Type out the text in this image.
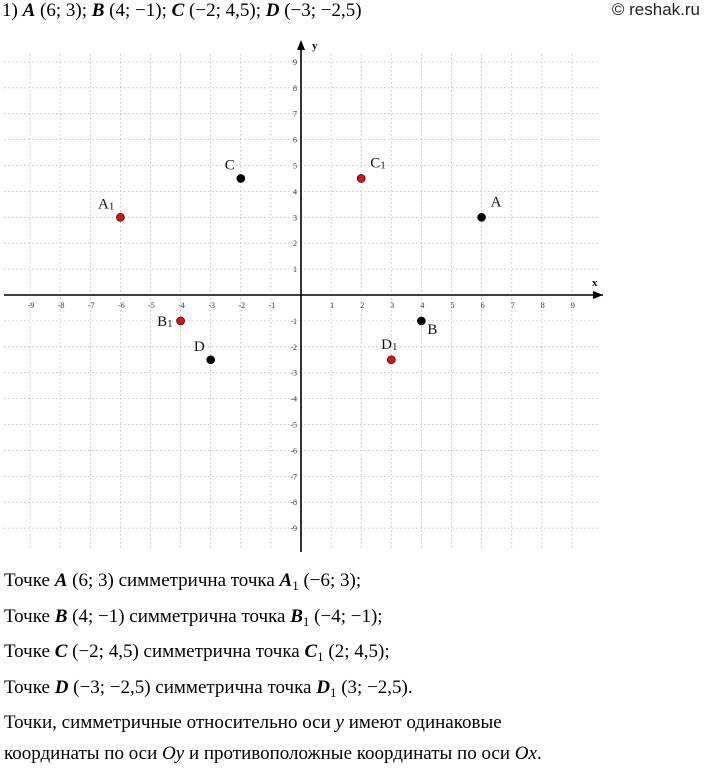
1) A (6; 3); B (4; −1); C (−2; 4,5); D (−3; −2,5)	© reshak.ru
x
y
-9	-8	-7	-6	-5	-4	-3	-2	-1	1	2	3	4	5	6	7	8	9
9
8
7
6
5
4
3
2
1
-1
-2
-3
-4
-5
-6
-7
-8
-9
A
B
C
D
A1
B1
C1
D1
Точке A (6; 3) симметрична точка $A_1$ (−6; 3);
Точке B (4; −1) симметрична точка $B_1$ (−4; −1);
Точке C (−2; 4,5) симметрична точка $C_1$ (2; 4,5);
Точке D (−3; −2,5) симметрична точка $D_1$ (3; −2,5).
Точки, симметричные относительно оси y имеют одинаковые
координаты по оси Oy и противоположные координаты по оси Ox.
